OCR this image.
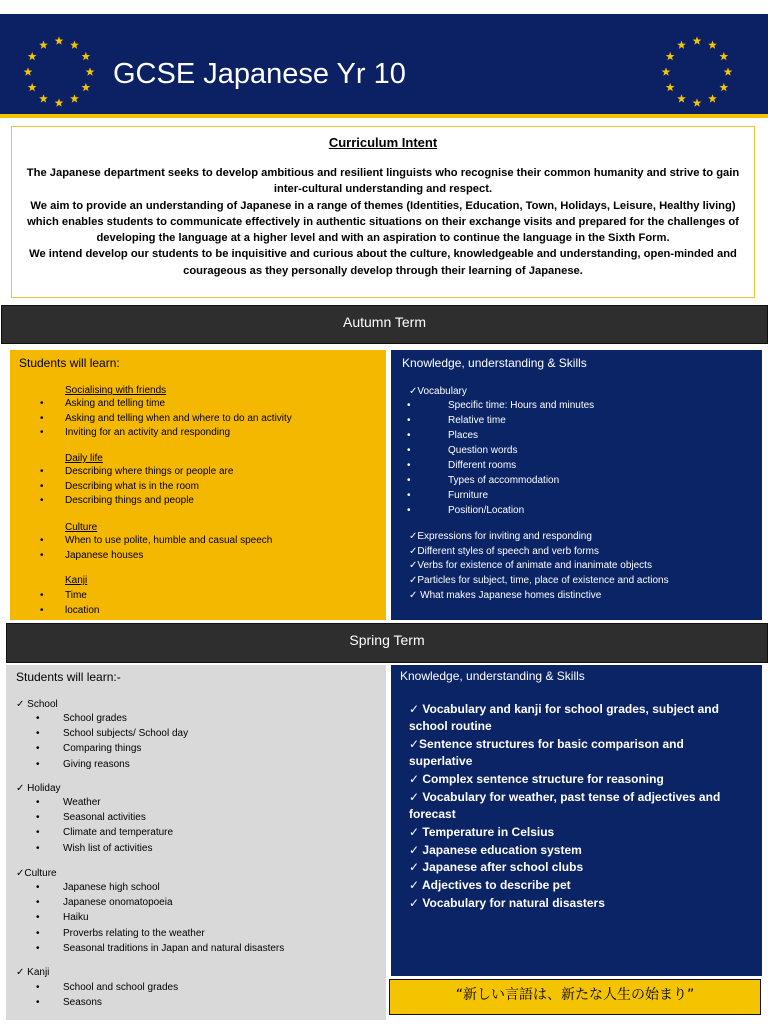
GCSE Japanese Yr 10
Curriculum Intent

The Japanese department seeks to develop ambitious and resilient linguists who recognise their common humanity and strive to gain inter-cultural understanding and respect.
We aim to provide an understanding of Japanese in a range of themes (Identities, Education, Town, Holidays, Leisure, Healthy living) which enables students to communicate effectively in authentic situations on their exchange visits and prepared for the challenges of developing the language at a higher level and with an aspiration to continue the language in the Sixth Form.
We intend develop our students to be inquisitive and curious about the culture, knowledgeable and understanding, open-minded and courageous as they personally develop through their learning of Japanese.

Autumn Term
Students will learn:
Socialising with friends
• Asking and telling time
• Asking and telling when and where to do an activity
• Inviting for an activity and responding
Daily life
• Describing where things or people are
• Describing what is in the room
• Describing things and people
Culture
• When to use polite, humble and casual speech
• Japanese houses
Kanji
• Time
• location
Knowledge, understanding & Skills
✓Vocabulary
• Specific time: Hours and minutes
• Relative time
• Places
• Question words
• Different rooms
• Types of accommodation
• Furniture
• Position/Location
✓Expressions for inviting and responding
✓Different styles of speech and verb forms
✓Verbs for existence of animate and inanimate objects
✓Particles for subject, time, place of existence and actions
✓ What makes Japanese homes distinctive
Spring Term
Students will learn:-
✓ School
• School grades
• School subjects/ School day
• Comparing things
• Giving reasons
✓ Holiday
• Weather
• Seasonal activities
• Climate and temperature
• Wish list of activities
✓Culture
• Japanese high school
• Japanese onomatopoeia
• Haiku
• Proverbs relating to the weather
• Seasonal traditions in Japan and natural disasters
✓ Kanji
• School and school grades
• Seasons
Knowledge, understanding & Skills
✓ Vocabulary and kanji for school grades, subject and school routine
✓Sentence structures for basic comparison and superlative
✓ Complex sentence structure for reasoning
✓ Vocabulary for weather, past tense of adjectives and forecast
✓ Temperature in Celsius
✓ Japanese education system
✓ Japanese after school clubs
✓ Adjectives to describe pet
✓ Vocabulary for natural disasters
“新しい言語は、新たな人生の始まり”
